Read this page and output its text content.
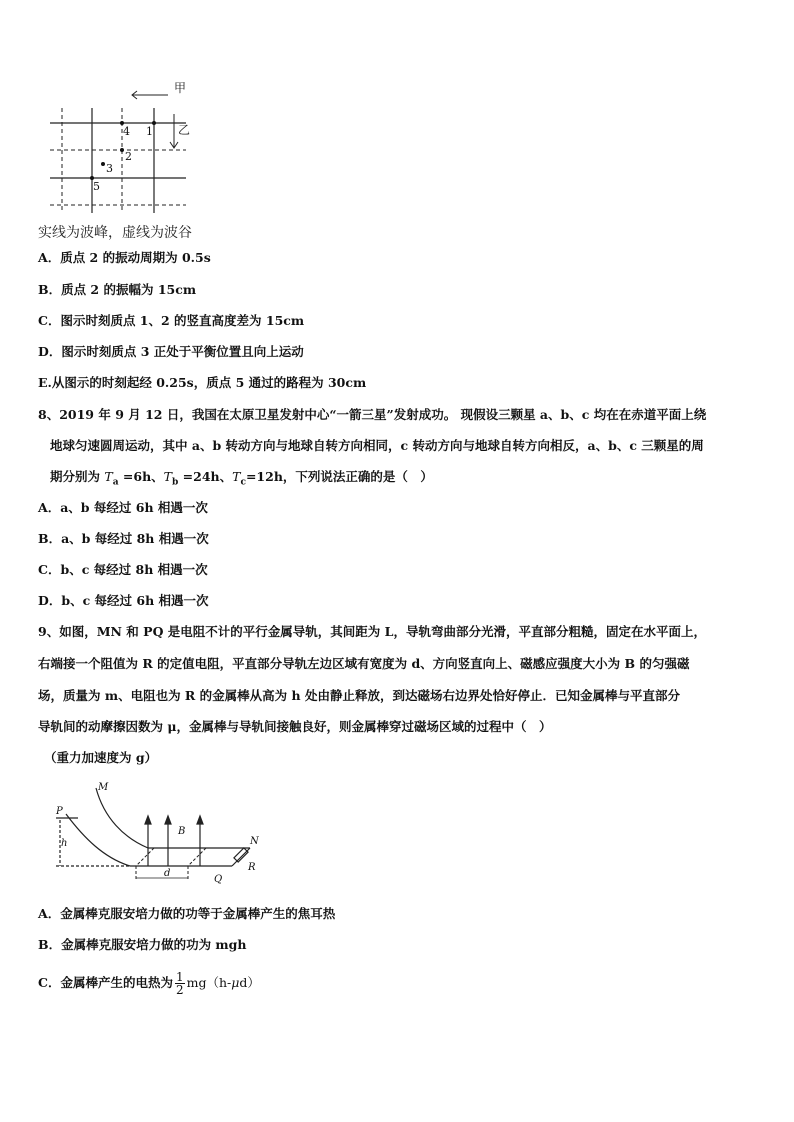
甲
乙
4 1
2
3
5
实线为波峰，虚线为波谷
A．质点 2 的振动周期为 0.5s
B．质点 2 的振幅为 15cm
C．图示时刻质点 1、2 的竖直高度差为 15cm
D．图示时刻质点 3 正处于平衡位置且向上运动
E.从图示的时刻起经 0.25s，质点 5 通过的路程为 30cm
8、2019 年 9 月 12 日，我国在太原卫星发射中心“一箭三星”发射成功。 现假设三颗星 a、b、c 均在在赤道平面上绕
地球匀速圆周运动，其中 a、b 转动方向与地球自转方向相同，c 转动方向与地球自转方向相反，a、b、c 三颗星的周
期分别为 $T_a =6h$、$T_b =24h$、$T_c=12h$，下列说法正确的是（　）
A．a、b 每经过 6h 相遇一次
B．a、b 每经过 8h 相遇一次
C．b、c 每经过 8h 相遇一次
D．b、c 每经过 6h 相遇一次
9、如图，MN 和 PQ 是电阻不计的平行金属导轨，其间距为 L，导轨弯曲部分光滑，平直部分粗糙，固定在水平面上，
右端接一个阻值为 R 的定值电阻，平直部分导轨左边区域有宽度为 d、方向竖直向上、磁感应强度大小为 B 的匀强磁
场，质量为 m、电阻也为 R 的金属棒从高为 h 处由静止释放，到达磁场右边界处恰好停止．已知金属棒与平直部分
导轨间的动摩擦因数为 μ，金属棒与导轨间接触良好，则金属棒穿过磁场区域的过程中（　）
（重力加速度为 g）
P
M
h
B
N
R
d
Q
A．金属棒克服安培力做的功等于金属棒产生的焦耳热
B．金属棒克服安培力做的功为 mgh
C．金属棒产生的电热为 $\frac{1}{2} mg(h-\mu d)$
